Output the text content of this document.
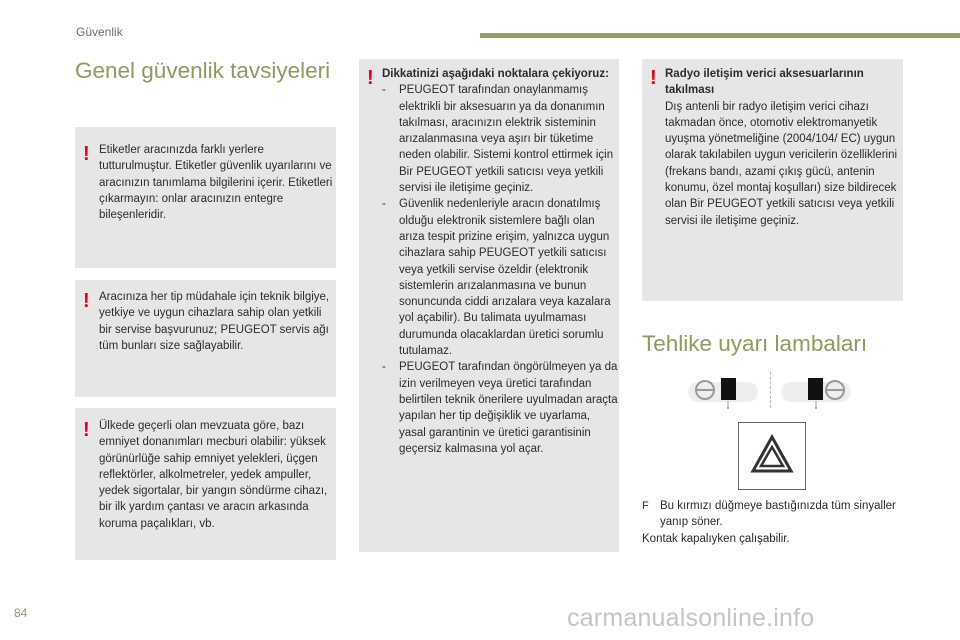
Güvenlik
Genel güvenlik tavsiyeleri
! Etiketler aracınızda farklı yerlere tutturulmuştur. Etiketler güvenlik uyarılarını ve aracınızın tanımlama bilgilerini içerir. Etiketleri çıkarmayın: onlar aracınızın entegre bileşenleridir.
! Aracınıza her tip müdahale için teknik bilgiye, yetkiye ve uygun cihazlara sahip olan yetkili bir servise başvurunuz; PEUGEOT servis ağı tüm bunları size sağlayabilir.
! Ülkede geçerli olan mevzuata göre, bazı emniyet donanımları mecburi olabilir: yüksek görünürlüğe sahip emniyet yelekleri, üçgen reflektörler, alkolmetreler, yedek ampuller, yedek sigortalar, bir yangın söndürme cihazı, bir ilk yardım çantası ve aracın arkasında koruma paçalıkları, vb.
! Dikkatinizi aşağıdaki noktalara çekiyoruz:

-	PEUGEOT tarafından onaylanmamış elektrikli bir aksesuarın ya da donanımın takılması, aracınızın elektrik sisteminin arızalanmasına veya aşırı bir tüketime neden olabilir. Sistemi kontrol ettirmek için Bir PEUGEOT yetkili satıcısı veya yetkili servisi ile iletişime geçiniz.
-	Güvenlik nedenleriyle aracın donatılmış olduğu elektronik sistemlere bağlı olan arıza tespit prizine erişim, yalnızca uygun cihazlara sahip PEUGEOT yetkili satıcısı veya yetkili servise özeldir (elektronik sistemlerin arızalanmasına ve bunun sonuncunda ciddi arızalara veya kazalara yol açabilir). Bu talimata uyulmaması durumunda olacaklardan üretici sorumlu tutulamaz.
-	PEUGEOT tarafından öngörülmeyen ya da izin verilmeyen veya üretici tarafından belirtilen teknik önerilere uyulmadan araçta yapılan her tip değişiklik ve uyarlama, yasal garantinin ve üretici garantisinin geçersiz kalmasına yol açar.
! Radyo iletişim verici aksesuarlarının takılması

Dış antenli bir radyo iletişim verici cihazı takmadan önce, otomotiv elektromanyetik uyuşma yönetmeliğine (2004/104/ EC) uygun olarak takılabilen uygun vericilerin özelliklerini (frekans bandı, azami çıkış gücü, antenin konumu, özel montaj koşulları) size bildirecek olan Bir PEUGEOT yetkili satıcısı veya yetkili servisi ile iletişime geçiniz.

Tehlike uyarı lambaları
F Bu kırmızı düğmeye bastığınızda tüm sinyaller yanıp söner.

Kontak kapalıyken çalışabilir.

84	carmanualsonline.info
